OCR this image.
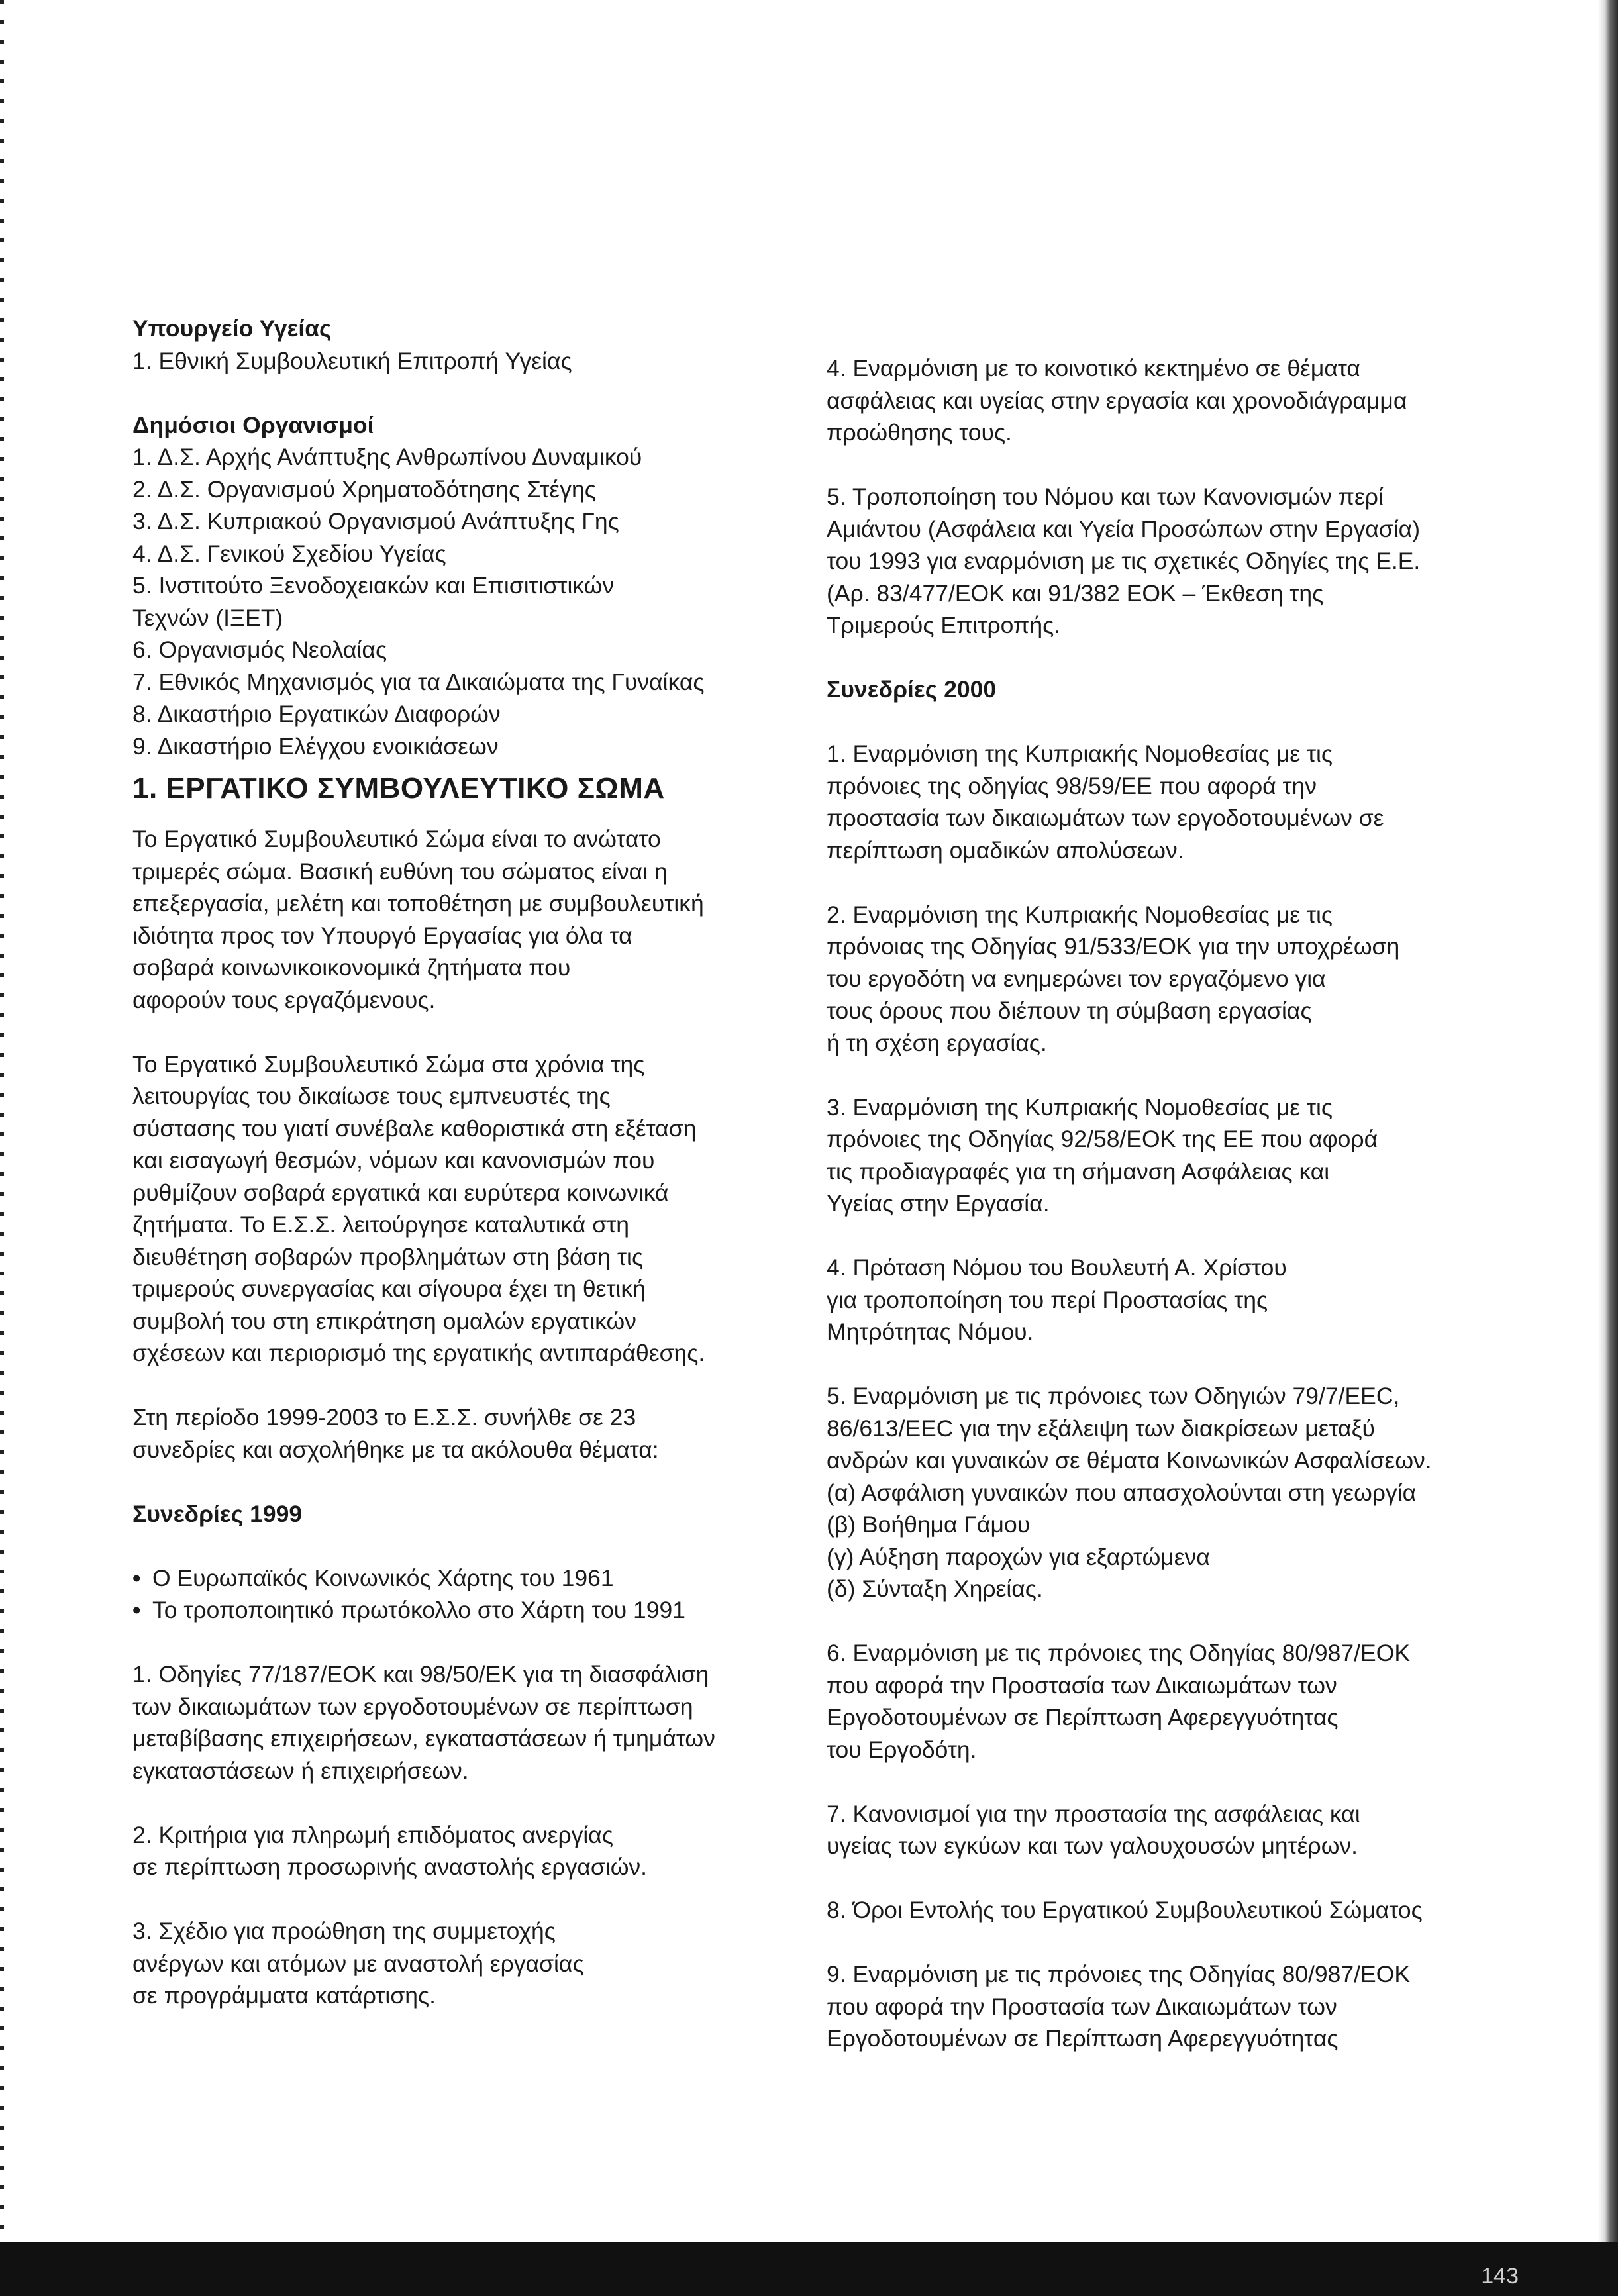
Υπουργείο Υγείας

1. Εθνική Συμβουλευτική Επιτροπή Υγείας

Δημόσιοι Οργανισμοί

1. Δ.Σ. Αρχής Ανάπτυξης Ανθρωπίνου Δυναμικού

2. Δ.Σ. Οργανισμού Χρηματοδότησης Στέγης

3. Δ.Σ. Κυπριακού Οργανισμού Ανάπτυξης Γης

4. Δ.Σ. Γενικού Σχεδίου Υγείας

5. Ινστιτούτο Ξενοδοχειακών και Επισιτιστικών

Τεχνών (ΙΞΕΤ)

6. Οργανισμός Νεολαίας

7. Εθνικός Μηχανισμός για τα Δικαιώματα της Γυναίκας

8. Δικαστήριο Εργατικών Διαφορών

9. Δικαστήριο Ελέγχου ενοικιάσεων

1. ΕΡΓΑΤΙΚΟ ΣΥΜΒΟΥΛΕΥΤΙΚΟ ΣΩΜΑ

Το Εργατικό Συμβουλευτικό Σώμα είναι το ανώτατο

τριμερές σώμα. Βασική ευθύνη του σώματος είναι η

επεξεργασία, μελέτη και τοποθέτηση με συμβουλευτική

ιδιότητα προς τον Υπουργό Εργασίας για όλα τα

σοβαρά κοινωνικοικονομικά ζητήματα που

αφορούν τους εργαζόμενους.

Το Εργατικό Συμβουλευτικό Σώμα στα χρόνια της

λειτουργίας του δικαίωσε τους εμπνευστές της

σύστασης του γιατί συνέβαλε καθοριστικά στη εξέταση

και εισαγωγή θεσμών, νόμων και κανονισμών που

ρυθμίζουν σοβαρά εργατικά και ευρύτερα κοινωνικά

ζητήματα. Το Ε.Σ.Σ. λειτούργησε καταλυτικά στη

διευθέτηση σοβαρών προβλημάτων στη βάση τις

τριμερούς συνεργασίας και σίγουρα έχει τη θετική

συμβολή του στη επικράτηση ομαλών εργατικών

σχέσεων και περιορισμό της εργατικής αντιπαράθεσης.

Στη περίοδο 1999-2003 το Ε.Σ.Σ. συνήλθε σε 23

συνεδρίες και ασχολήθηκε με τα ακόλουθα θέματα:

Συνεδρίες 1999

• Ο Ευρωπαϊκός Κοινωνικός Χάρτης του 1961

• Το τροποποιητικό πρωτόκολλο στο Χάρτη του 1991

1. Οδηγίες 77/187/ΕΟΚ και 98/50/ΕΚ για τη διασφάλιση

των δικαιωμάτων των εργοδοτουμένων σε περίπτωση

μεταβίβασης επιχειρήσεων, εγκαταστάσεων ή τμημάτων

εγκαταστάσεων ή επιχειρήσεων.

2. Κριτήρια για πληρωμή επιδόματος ανεργίας

σε περίπτωση προσωρινής αναστολής εργασιών.

3. Σχέδιο για προώθηση της συμμετοχής

ανέργων και ατόμων με αναστολή εργασίας

σε προγράμματα κατάρτισης.

4. Εναρμόνιση με το κοινοτικό κεκτημένο σε θέματα

ασφάλειας και υγείας στην εργασία και χρονοδιάγραμμα

προώθησης τους.

5. Τροποποίηση του Νόμου και των Κανονισμών περί

Αμιάντου (Ασφάλεια και Υγεία Προσώπων στην Εργασία)

του 1993 για εναρμόνιση με τις σχετικές Οδηγίες της Ε.Ε.

(Αρ. 83/477/ΕΟΚ και 91/382 ΕΟΚ – Έκθεση της

Τριμερούς Επιτροπής.

Συνεδρίες 2000

1. Εναρμόνιση της Κυπριακής Νομοθεσίας με τις

πρόνοιες της οδηγίας 98/59/ΕΕ που αφορά την

προστασία των δικαιωμάτων των εργοδοτουμένων σε

περίπτωση ομαδικών απολύσεων.

2. Εναρμόνιση της Κυπριακής Νομοθεσίας με τις

πρόνοιας της Οδηγίας 91/533/ΕΟΚ για την υποχρέωση

του εργοδότη να ενημερώνει τον εργαζόμενο για

τους όρους που διέπουν τη σύμβαση εργασίας

ή τη σχέση εργασίας.

3. Εναρμόνιση της Κυπριακής Νομοθεσίας με τις

πρόνοιες της Οδηγίας 92/58/ΕΟΚ της ΕΕ που αφορά

τις προδιαγραφές για τη σήμανση Ασφάλειας και

Υγείας στην Εργασία.

4. Πρόταση Νόμου του Βουλευτή Α. Χρίστου

για τροποποίηση του περί Προστασίας της

Μητρότητας Νόμου.

5. Εναρμόνιση με τις πρόνοιες των Οδηγιών 79/7/EEC,

86/613/EEC για την εξάλειψη των διακρίσεων μεταξύ

ανδρών και γυναικών σε θέματα Κοινωνικών Ασφαλίσεων.

(α) Ασφάλιση γυναικών που απασχολούνται στη γεωργία

(β) Βοήθημα Γάμου

(γ) Αύξηση παροχών για εξαρτώμενα

(δ) Σύνταξη Χηρείας.

6. Εναρμόνιση με τις πρόνοιες της Οδηγίας 80/987/ΕΟΚ

που αφορά την Προστασία των Δικαιωμάτων των

Εργοδοτουμένων σε Περίπτωση Αφερεγγυότητας

του Εργοδότη.

7. Κανονισμοί για την προστασία της ασφάλειας και

υγείας των εγκύων και των γαλουχουσών μητέρων.

8. Όροι Εντολής του Εργατικού Συμβουλευτικού Σώματος

9. Εναρμόνιση με τις πρόνοιες της Οδηγίας 80/987/ΕΟΚ

που αφορά την Προστασία των Δικαιωμάτων των

Εργοδοτουμένων σε Περίπτωση Αφερεγγυότητας

143
